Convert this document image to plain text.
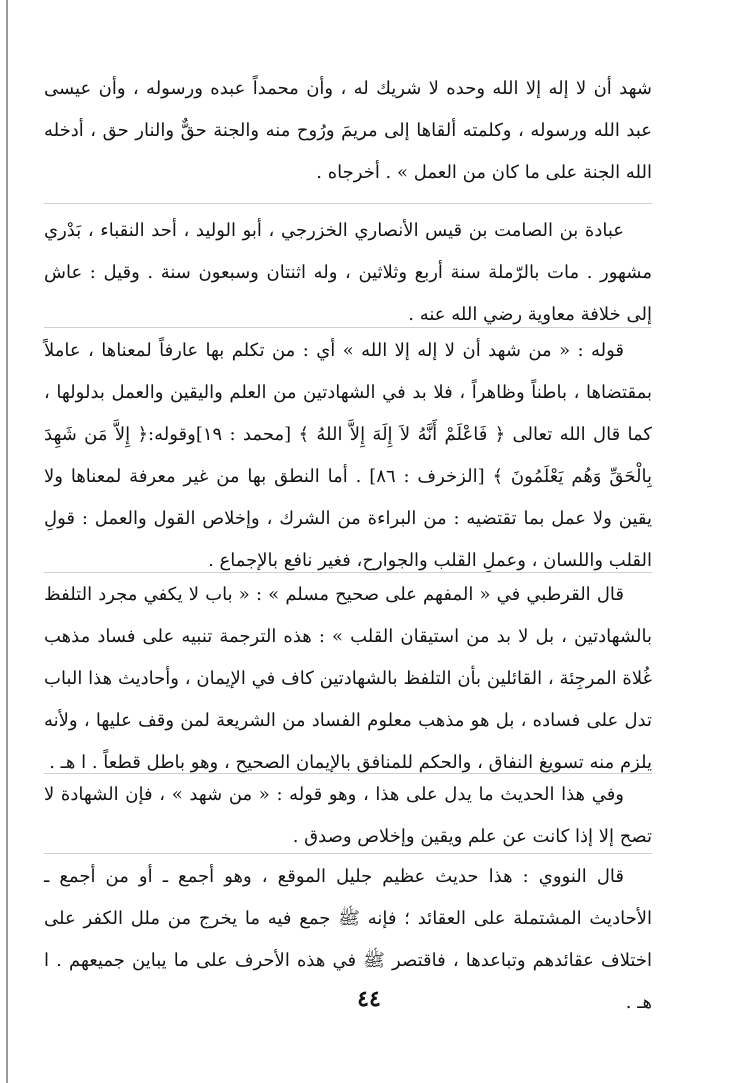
شهد أن لا إله إلا الله وحده لا شريك له ، وأن محمداً عبده ورسوله ، وأن عيسى عبد الله ورسوله ، وكلمته ألقاها إلى مريمَ ورُوح منه والجنة حقٌّ والنار حق ، أدخله الله الجنة على ما كان من العمل » . أخرجاه .

عبادة بن الصامت بن قيس الأنصاري الخزرجي ، أبو الوليد ، أحد النقباء ، بَدْري مشهور . مات بالرّملة سنة أربع وثلاثين ، وله اثنتان وسبعون سنة . وقيل : عاش إلى خلافة معاوية رضي الله عنه .

قوله : « من شهد أن لا إله إلا الله » أي : من تكلم بها عارفاً لمعناها ، عاملاً بمقتضاها ، باطناً وظاهراً ، فلا بد في الشهادتين من العلم واليقين والعمل بدلولها ، كما قال الله تعالى ﴿ فَاعْلَمْ أَنَّهُ لاَ إِلَهَ إِلاَّ اللهُ ﴾ [محمد : ١٩]وقوله:﴿ إِلاَّ مَن شَهِدَ بِالْحَقِّ وَهُم يَعْلَمُونَ ﴾ [الزخرف : ٨٦] . أما النطق بها من غير معرفة لمعناها ولا يقين ولا عمل بما تقتضيه : من البراءة من الشرك ، وإخلاص القول والعمل : قولِ القلب واللسان ، وعملِ القلب والجوارح، فغير نافع بالإجماع .

قال القرطبي في « المفهم على صحيح مسلم » : « باب لا يكفي مجرد التلفظ بالشهادتين ، بل لا بد من استيقان القلب » : هذه الترجمة تنبيه على فساد مذهب غُلاة المرجِئة ، القائلين بأن التلفظ بالشهادتين كاف في الإيمان ، وأحاديث هذا الباب تدل على فساده ، بل هو مذهب معلوم الفساد من الشريعة لمن وقف عليها ، ولأنه يلزم منه تسويغ النفاق ، والحكم للمنافق بالإيمان الصحيح ، وهو باطل قطعاً . ا هـ .

وفي هذا الحديث ما يدل على هذا ، وهو قوله : « من شهد » ، فإن الشهادة لا تصح إلا إذا كانت عن علم ويقين وإخلاص وصدق .

قال النووي : هذا حديث عظيم جليل الموقع ، وهو أجمع ـ أو من أجمع ـ الأحاديث المشتملة على العقائد ؛ فإنه ﷺ جمع فيه ما يخرج من ملل الكفر على اختلاف عقائدهم وتباعدها ، فاقتصر ﷺ في هذه الأحرف على ما يباين جميعهم . ا هـ .

٤٤
